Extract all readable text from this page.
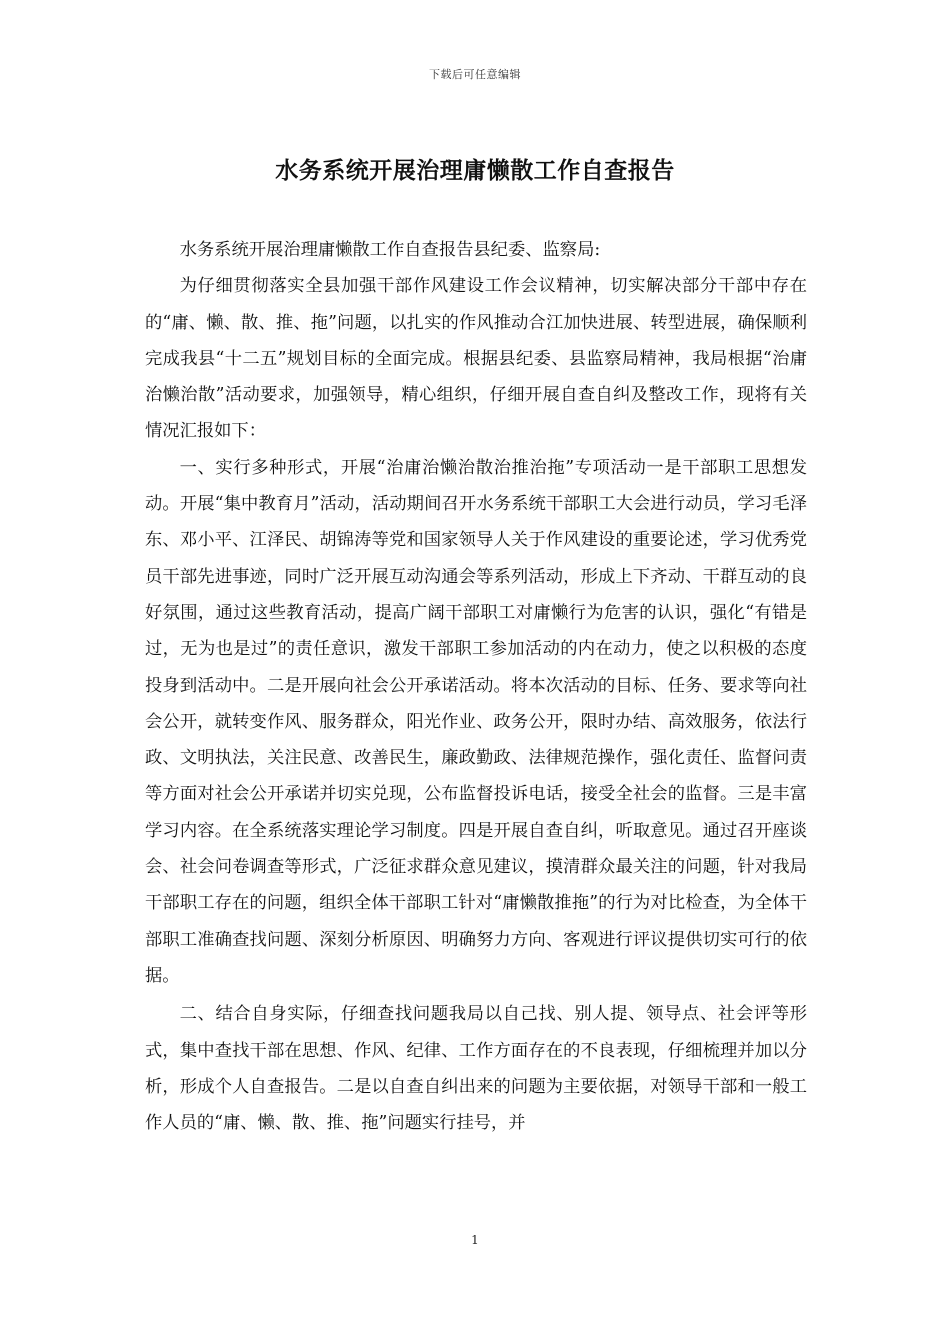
下载后可任意编辑
水务系统开展治理庸懒散工作自查报告

水务系统开展治理庸懒散工作自查报告县纪委、监察局:

为仔细贯彻落实全县加强干部作风建设工作会议精神，切实解决部分干部中存在的“庸、懒、散、推、拖”问题，以扎实的作风推动合江加快进展、转型进展，确保顺利完成我县“十二五”规划目标的全面完成。根据县纪委、县监察局精神，我局根据“治庸治懒治散”活动要求，加强领导，精心组织，仔细开展自查自纠及整改工作，现将有关情况汇报如下：

一、实行多种形式，开展“治庸治懒治散治推治拖”专项活动一是干部职工思想发动。开展“集中教育月”活动，活动期间召开水务系统干部职工大会进行动员，学习毛泽东、邓小平、江泽民、胡锦涛等党和国家领导人关于作风建设的重要论述，学习优秀党员干部先进事迹，同时广泛开展互动沟通会等系列活动，形成上下齐动、干群互动的良好氛围，通过这些教育活动，提高广阔干部职工对庸懒行为危害的认识，强化“有错是过，无为也是过”的责任意识，激发干部职工参加活动的内在动力，使之以积极的态度投身到活动中。二是开展向社会公开承诺活动。将本次活动的目标、任务、要求等向社会公开，就转变作风、服务群众，阳光作业、政务公开，限时办结、高效服务，依法行政、文明执法，关注民意、改善民生，廉政勤政、法律规范操作，强化责任、监督问责等方面对社会公开承诺并切实兑现，公布监督投诉电话，接受全社会的监督。三是丰富学习内容。在全系统落实理论学习制度。四是开展自查自纠，听取意见。通过召开座谈会、社会问卷调查等形式，广泛征求群众意见建议，摸清群众最关注的问题，针对我局干部职工存在的问题，组织全体干部职工针对“庸懒散推拖”的行为对比检查，为全体干部职工准确查找问题、深刻分析原因、明确努力方向、客观进行评议提供切实可行的依据。

二、结合自身实际，仔细查找问题我局以自己找、别人提、领导点、社会评等形式，集中查找干部在思想、作风、纪律、工作方面存在的不良表现，仔细梳理并加以分析，形成个人自查报告。二是以自查自纠出来的问题为主要依据，对领导干部和一般工作人员的“庸、懒、散、推、拖”问题实行挂号，并

1
